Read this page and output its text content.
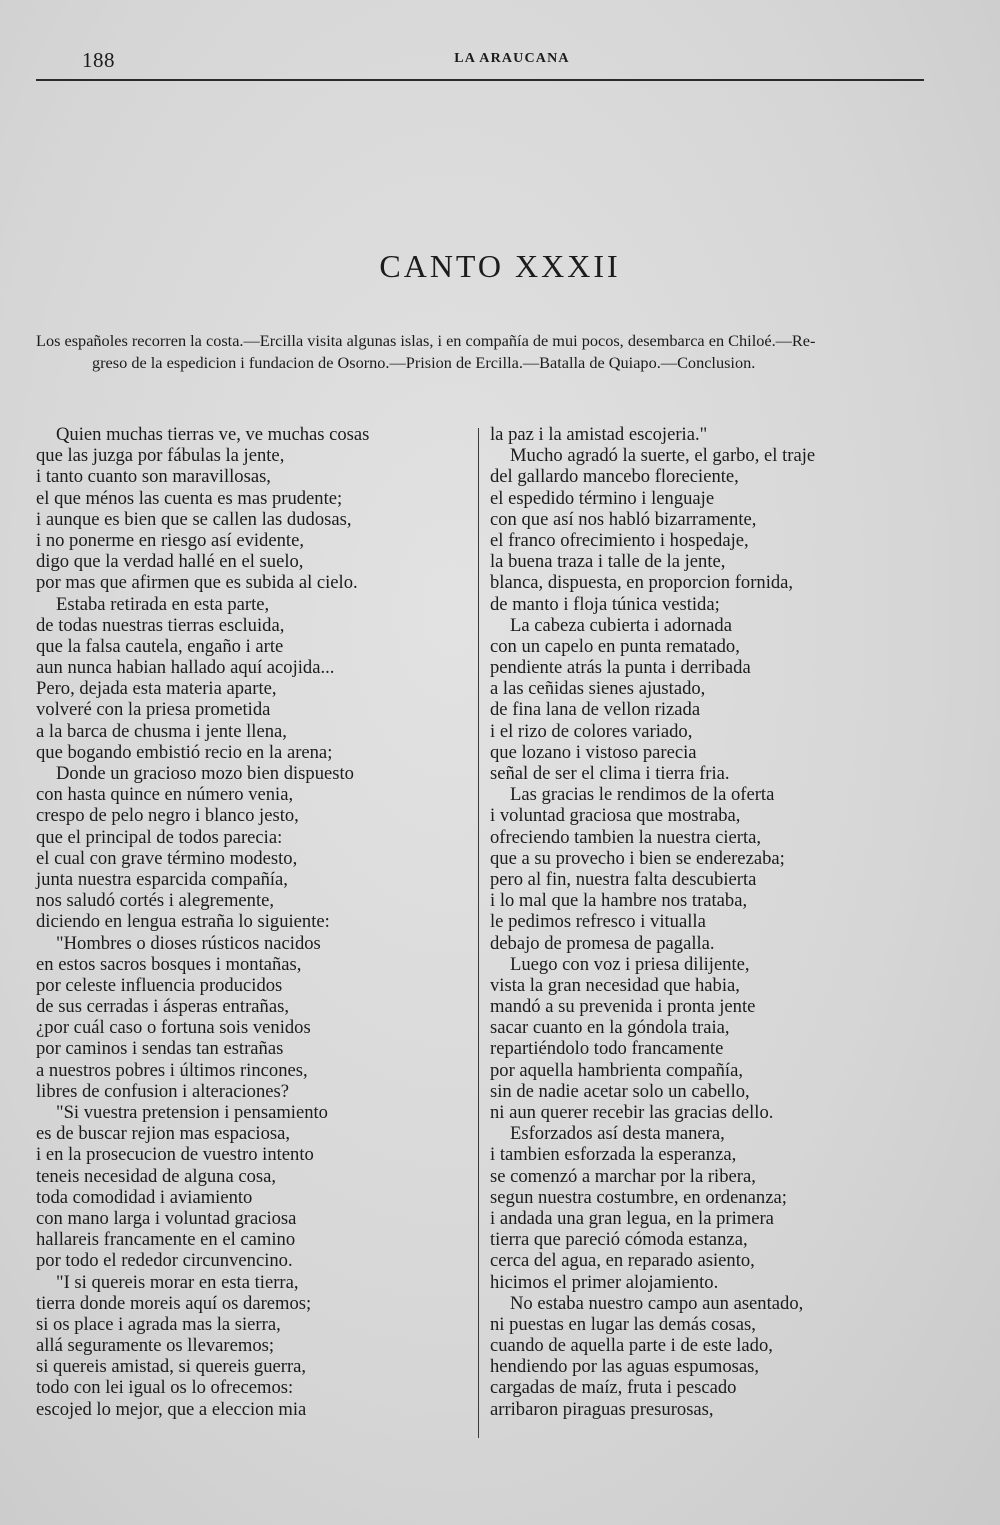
188	LA ARAUCANA
CANTO XXXII
Los españoles recorren la costa.—Ercilla visita algunas islas, i en compañía de mui pocos, desembarca en Chiloé.—Re-
greso de la espedicion i fundacion de Osorno.—Prision de Ercilla.—Batalla de Quiapo.—Conclusion.
Quien muchas tierras ve, ve muchas cosas
que las juzga por fábulas la jente,
i tanto cuanto son maravillosas,
el que ménos las cuenta es mas prudente;
i aunque es bien que se callen las dudosas,
i no ponerme en riesgo así evidente,
digo que la verdad hallé en el suelo,
por mas que afirmen que es subida al cielo.
Estaba retirada en esta parte,
de todas nuestras tierras escluida,
que la falsa cautela, engaño i arte
aun nunca habian hallado aquí acojida...
Pero, dejada esta materia aparte,
volveré con la priesa prometida
a la barca de chusma i jente llena,
que bogando embistió recio en la arena;
Donde un gracioso mozo bien dispuesto
con hasta quince en número venia,
crespo de pelo negro i blanco jesto,
que el principal de todos parecia:
el cual con grave término modesto,
junta nuestra esparcida compañía,
nos saludó cortés i alegremente,
diciendo en lengua estraña lo siguiente:
"Hombres o dioses rústicos nacidos
en estos sacros bosques i montañas,
por celeste influencia producidos
de sus cerradas i ásperas entrañas,
¿por cuál caso o fortuna sois venidos
por caminos i sendas tan estrañas
a nuestros pobres i últimos rincones,
libres de confusion i alteraciones?
"Si vuestra pretension i pensamiento
es de buscar rejion mas espaciosa,
i en la prosecucion de vuestro intento
teneis necesidad de alguna cosa,
toda comodidad i aviamiento
con mano larga i voluntad graciosa
hallareis francamente en el camino
por todo el rededor circunvencino.
"I si quereis morar en esta tierra,
tierra donde moreis aquí os daremos;
si os place i agrada mas la sierra,
allá seguramente os llevaremos;
si quereis amistad, si quereis guerra,
todo con lei igual os lo ofrecemos:
escojed lo mejor, que a eleccion mia
la paz i la amistad escojeria."
Mucho agradó la suerte, el garbo, el traje
del gallardo mancebo floreciente,
el espedido término i lenguaje
con que así nos habló bizarramente,
el franco ofrecimiento i hospedaje,
la buena traza i talle de la jente,
blanca, dispuesta, en proporcion fornida,
de manto i floja túnica vestida;
La cabeza cubierta i adornada
con un capelo en punta rematado,
pendiente atrás la punta i derribada
a las ceñidas sienes ajustado,
de fina lana de vellon rizada
i el rizo de colores variado,
que lozano i vistoso parecia
señal de ser el clima i tierra fria.
Las gracias le rendimos de la oferta
i voluntad graciosa que mostraba,
ofreciendo tambien la nuestra cierta,
que a su provecho i bien se enderezaba;
pero al fin, nuestra falta descubierta
i lo mal que la hambre nos trataba,
le pedimos refresco i vitualla
debajo de promesa de pagalla.
Luego con voz i priesa dilijente,
vista la gran necesidad que habia,
mandó a su prevenida i pronta jente
sacar cuanto en la góndola traia,
repartiéndolo todo francamente
por aquella hambrienta compañía,
sin de nadie acetar solo un cabello,
ni aun querer recebir las gracias dello.
Esforzados así desta manera,
i tambien esforzada la esperanza,
se comenzó a marchar por la ribera,
segun nuestra costumbre, en ordenanza;
i andada una gran legua, en la primera
tierra que pareció cómoda estanza,
cerca del agua, en reparado asiento,
hicimos el primer alojamiento.
No estaba nuestro campo aun asentado,
ni puestas en lugar las demás cosas,
cuando de aquella parte i de este lado,
hendiendo por las aguas espumosas,
cargadas de maíz, fruta i pescado
arribaron piraguas presurosas,
